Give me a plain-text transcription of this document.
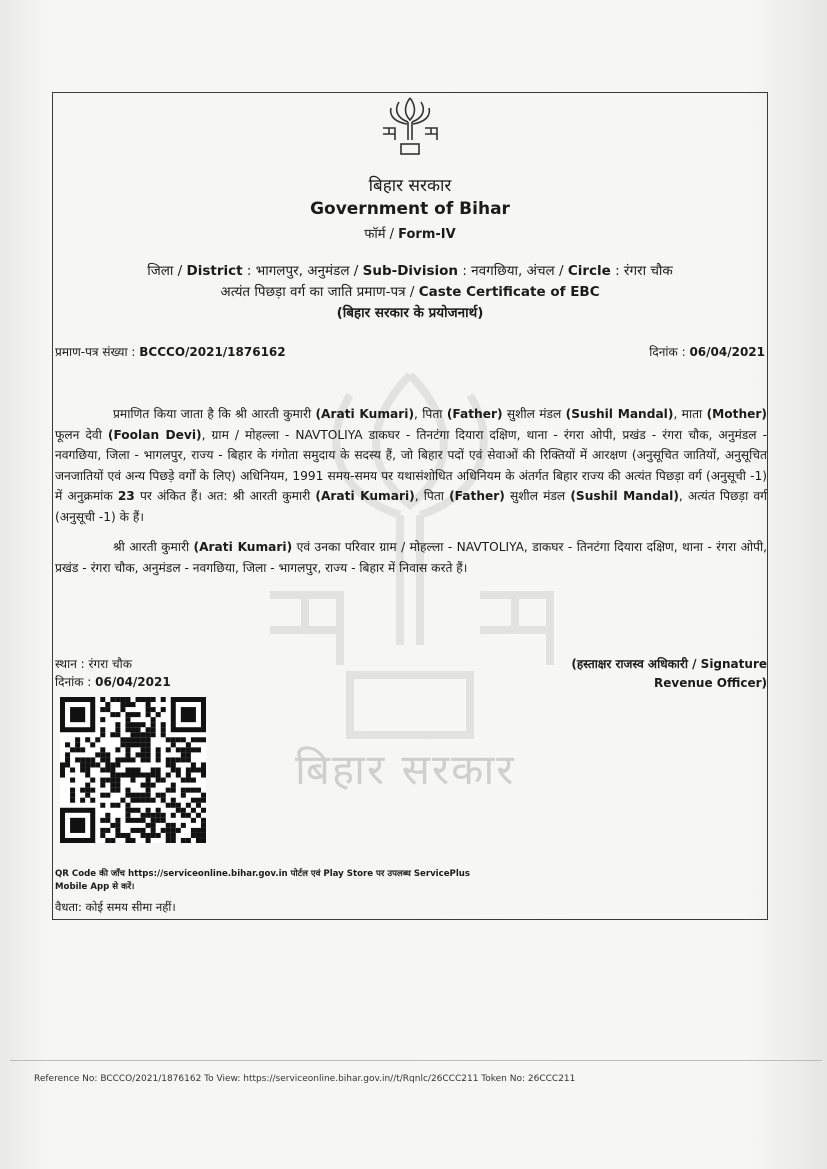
बिहार सरकार
बिहार सरकार
Government of Bihar
फॉर्म / Form-IV
जिला / District : भागलपुर, अनुमंडल / Sub-Division : नवगछिया, अंचल / Circle : रंगरा चौक
अत्यंत पिछड़ा वर्ग का जाति प्रमाण-पत्र / Caste Certificate of EBC
(बिहार सरकार के प्रयोजनार्थ)
प्रमाण-पत्र संख्या : BCCCO/2021/1876162	दिनांक : 06/04/2021
प्रमाणित किया जाता है कि श्री आरती कुमारी (Arati Kumari), पिता (Father) सुशील मंडल (Sushil Mandal), माता (Mother) फूलन देवी (Foolan Devi), ग्राम / मोहल्ला - NAVTOLIYA डाकघर - तिनटंगा दियारा दक्षिण, थाना - रंगरा ओपी, प्रखंड - रंगरा चौक, अनुमंडल - नवगछिया, जिला - भागलपुर, राज्य - बिहार के गंगोता समुदाय के सदस्य हैं, जो बिहार पदों एवं सेवाओं की रिक्तियों में आरक्षण (अनुसूचित जातियों, अनुसूचित जनजातियों एवं अन्य पिछड़े वर्गों के लिए) अधिनियम, 1991 समय-समय पर यथासंशोधित अधिनियम के अंतर्गत बिहार राज्य की अत्यंत पिछड़ा वर्ग (अनुसूची -1) में अनुक्रमांक 23 पर अंकित हैं। अत: श्री आरती कुमारी (Arati Kumari), पिता (Father) सुशील मंडल (Sushil Mandal), अत्यंत पिछड़ा वर्ग (अनुसूची -1) के हैं।
श्री आरती कुमारी (Arati Kumari) एवं उनका परिवार ग्राम / मोहल्ला - NAVTOLIYA, डाकघर - तिनटंगा दियारा दक्षिण, थाना - रंगरा ओपी, प्रखंड - रंगरा चौक, अनुमंडल - नवगछिया, जिला - भागलपुर, राज्य - बिहार में निवास करते हैं।
स्थान : रंगरा चौक
दिनांक : 06/04/2021
(हस्ताक्षर राजस्व अधिकारी / Signature
Revenue Officer)
QR Code की जाँच https://serviceonline.bihar.gov.in पोर्टल एवं Play Store पर उपलब्ध ServicePlus
Mobile App से करें।
वैधता: कोई समय सीमा नहीं।
Reference No: BCCCO/2021/1876162 To View: https://serviceonline.bihar.gov.in//t/Rqnlc/26CCC211 Token No: 26CCC211
